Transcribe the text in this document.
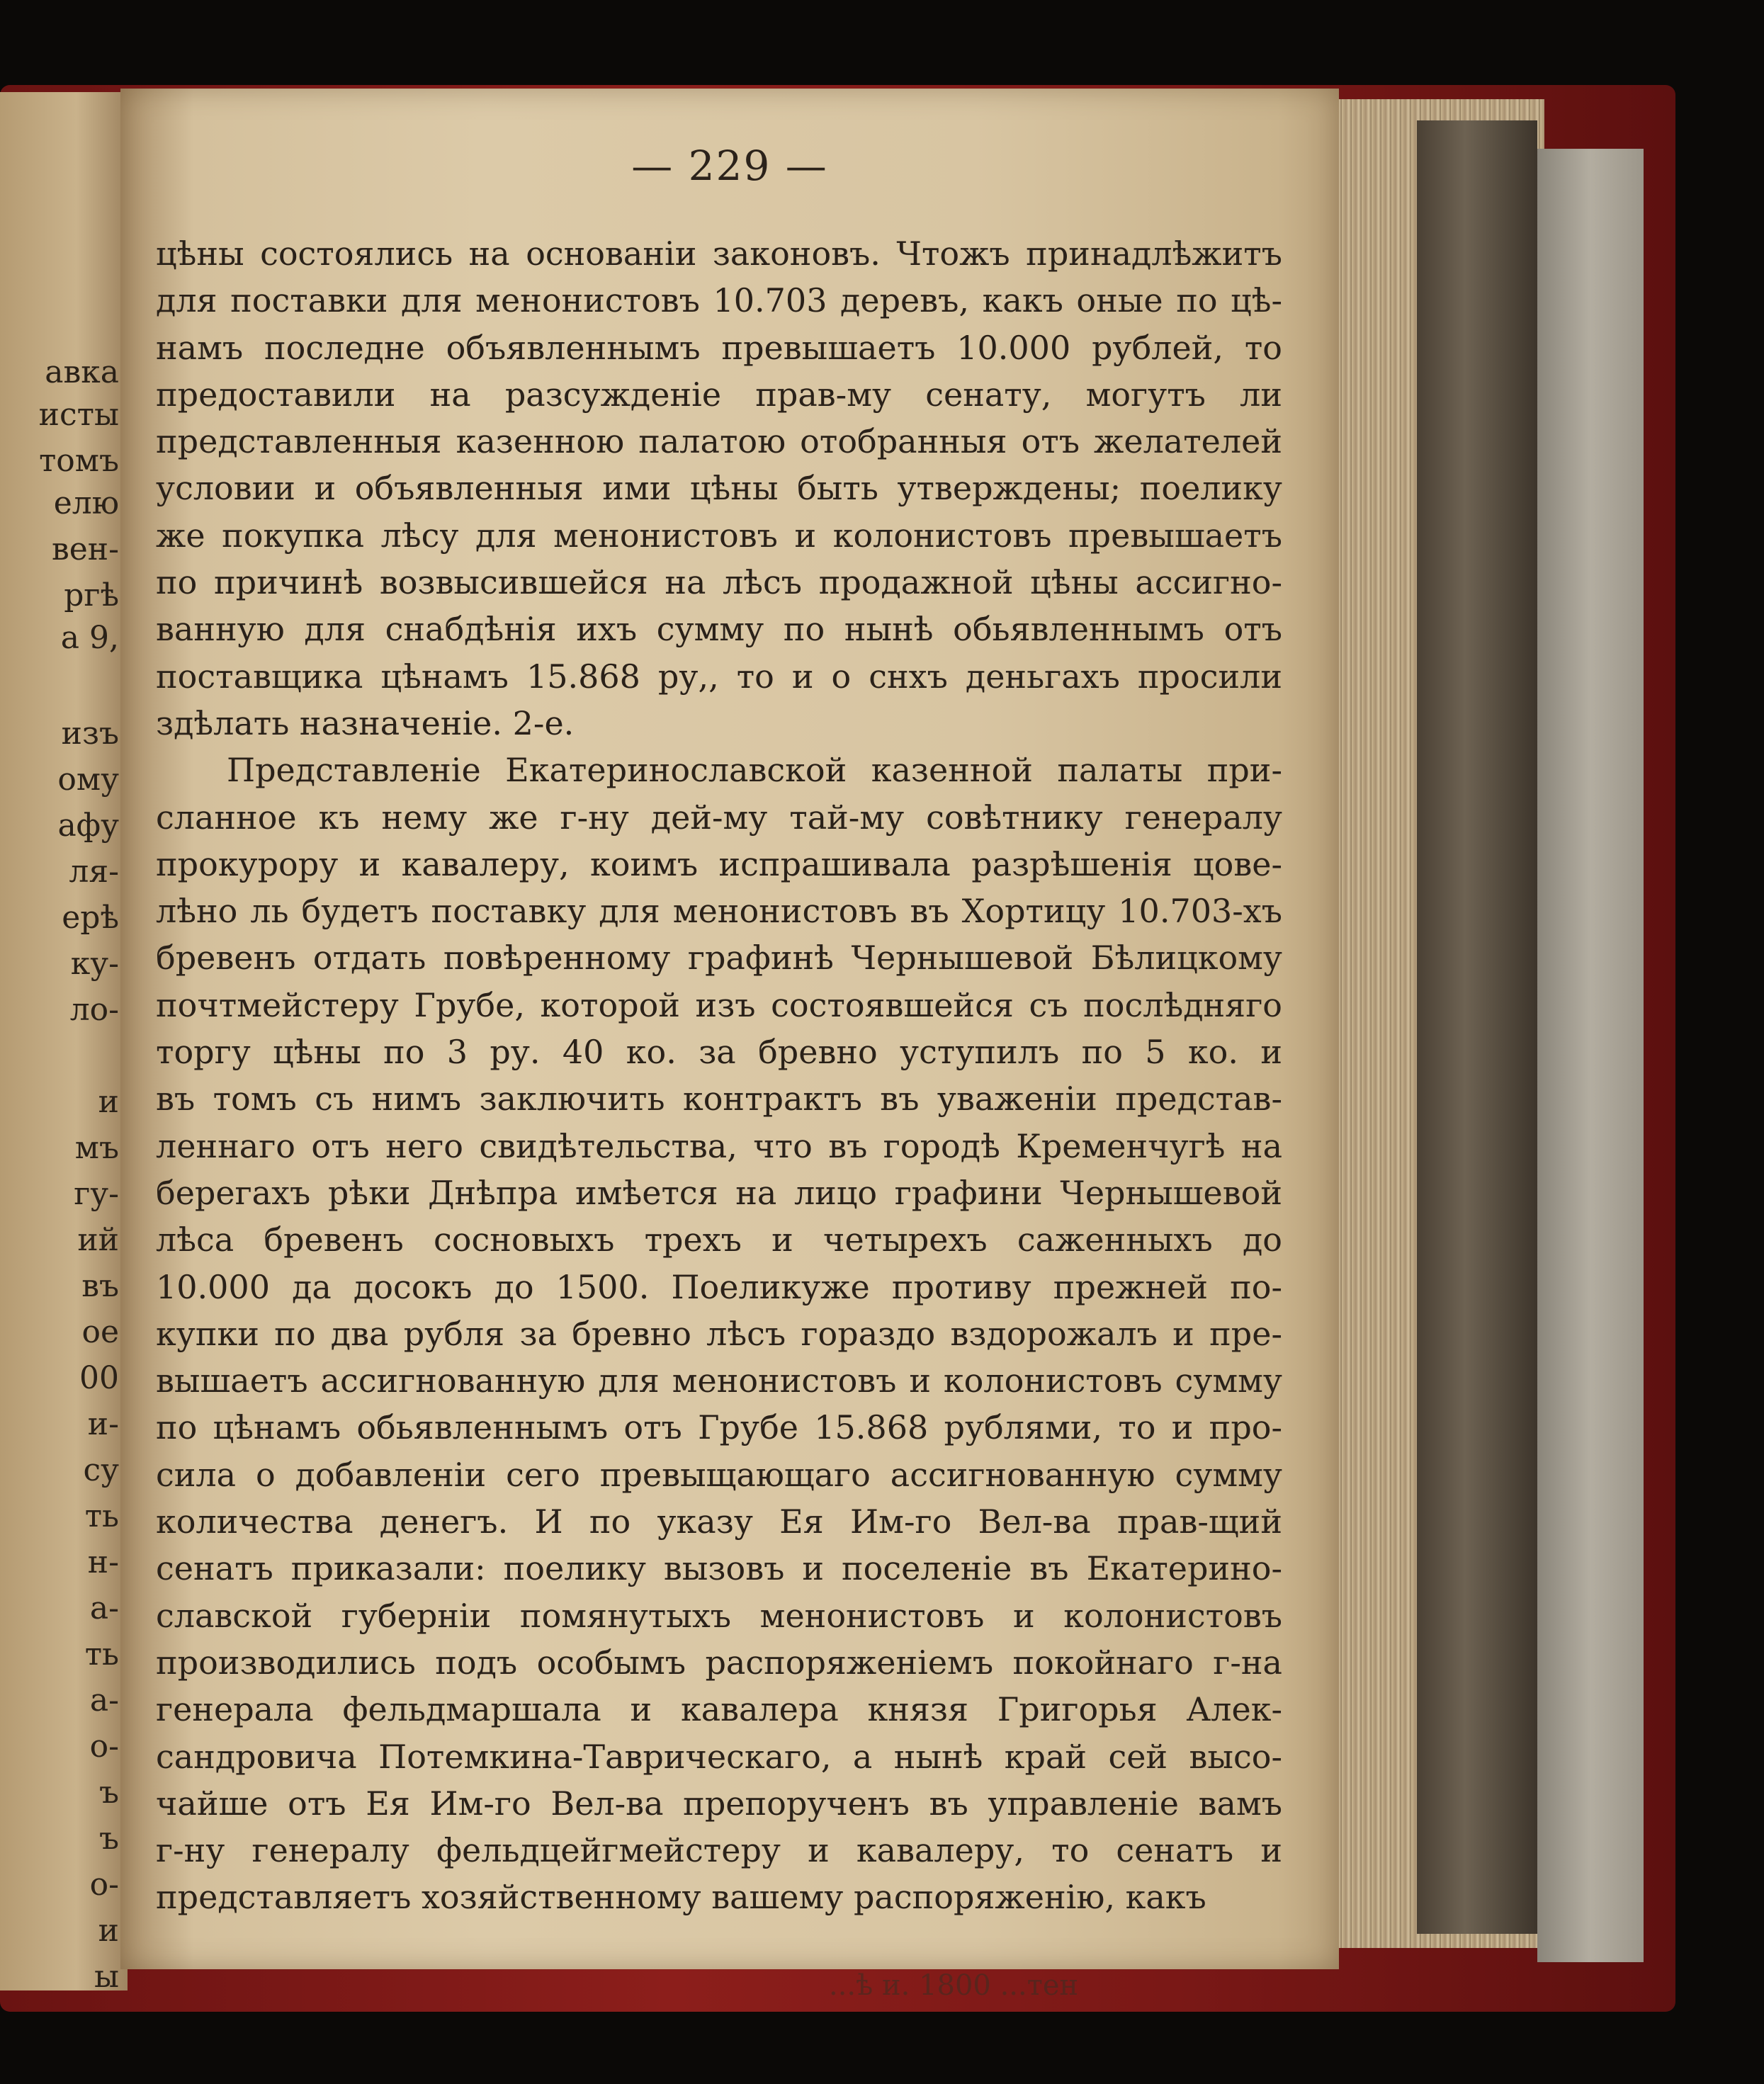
авка
исты
томъ
елю
вен-
ргѣ
а 9,
изъ
ому
афу
ля-
ерѣ
ку-
ло-
и
мъ
гу-
ий
въ
ое
00
и-
су
ть
н-
а-
ть
а-
о-
ъ
ъ
о-
и
ы
— 229 —
цѣны состоялись на основанiи законовъ. Чтожъ принадлѣжитъ
для поставки для менонистовъ 10.703 деревъ, какъ оные по цѣ-
намъ последне объявленнымъ превышаетъ 10.000 рублей, то
предоставили на разсужденiе прав-му сенату, могутъ ли
представленныя казенною палатою отобранныя отъ желателей
условии и объявленныя ими цѣны быть утверждены; поелику
же покупка лѣсу для менонистовъ и колонистовъ превышаетъ
по причинѣ возвысившейся на лѣсъ продажной цѣны ассигно-
ванную для снабдѣнiя ихъ сумму по нынѣ обьявленнымъ отъ
поставщика цѣнамъ 15.868 ру,, то и о снхъ деньгахъ просили
здѣлать назначенiе. 2-е.
Представленiе Екатеринославской казенной палаты при-
сланное къ нему же г-ну дей-му тай-му совѣтнику генералу
прокурору и кавалеру, коимъ испрашивала разрѣшенiя цове-
лѣно ль будетъ поставку для менонистовъ въ Хортицу 10.703-хъ
бревенъ отдать повѣренному графинѣ Чернышевой Бѣлицкому
почтмейстеру Грубе, которой изъ состоявшейся съ послѣдняго
торгу цѣны по 3 ру. 40 ко. за бревно уступилъ по 5 ко. и
въ томъ съ нимъ заключить контрактъ въ уваженiи представ-
леннаго отъ него свидѣтельства, что въ городѣ Кременчугѣ на
берегахъ рѣки Днѣпра имѣется на лицо графини Чернышевой
лѣса бревенъ сосновыхъ трехъ и четырехъ саженныхъ до
10.000 да досокъ до 1500. Поеликуже противу прежней по-
купки по два рубля за бревно лѣсъ гораздо вздорожалъ и пре-
вышаетъ ассигнованную для менонистовъ и колонистовъ сумму
по цѣнамъ обьявленнымъ отъ Грубе 15.868 рублями, то и про-
сила о добавленiи сего превыщающаго ассигнованную сумму
количества денегъ. И по указу Ея Им-го Вел-ва прав-щий
сенатъ приказали: поелику вызовъ и поселенiе въ Екатерино-
славской губернiи помянутыхъ менонистовъ и колонистовъ
производились подъ особымъ распоряженiемъ покойнаго г-на
генерала фельдмаршала и кавалера князя Григорья Алек-
сандровича Потемкина-Таврическаго, а нынѣ край сей высо-
чайше отъ Ея Им-го Вел-ва препорученъ въ управленiе вамъ
г-ну генералу фельдцейгмейстеру и кавалеру, то сенатъ и
представляетъ хозяйственному вашему распоряженiю, какъ
...ѣ и. 1800 ...тен
